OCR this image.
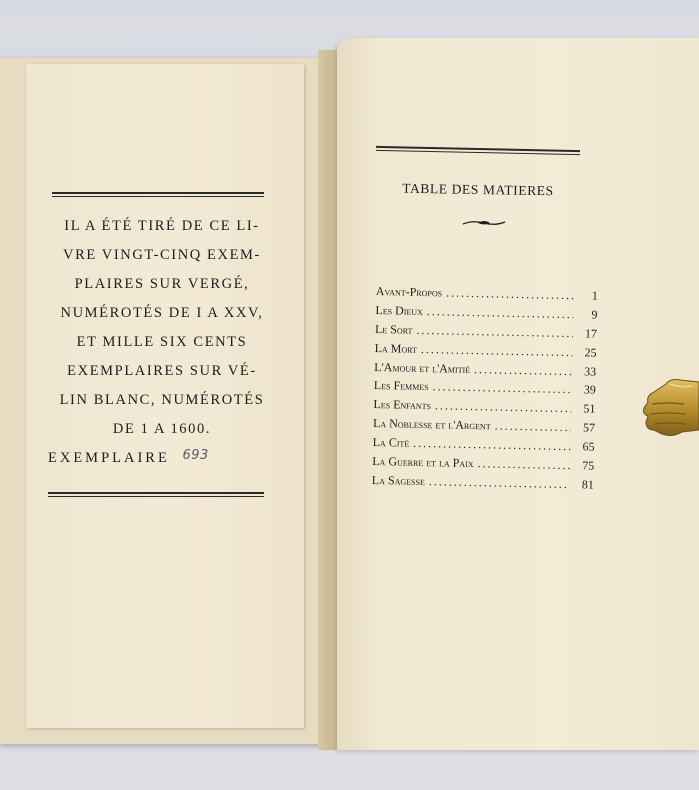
IL A ÉTÉ TIRÉ DE CE LI-
VRE VINGT-CINQ EXEM-
PLAIRES SUR VERGÉ,
NUMÉROTÉS DE I A XXV,
ET MILLE SIX CENTS
EXEMPLAIRES SUR VÉ-
LIN BLANC, NUMÉROTÉS
DE 1 A 1600.
EXEMPLAIRE 693
TABLE DES MATIERES
Avant-Propos .....	1
Les Dieux .....	9
Le Sort .....	17
La Mort .....	25
L'Amour et l'Amitié .....	33
Les Femmes .....	39
Les Enfants .....	51
La Noblesse et l'Argent .....	57
La Cité .....	65
La Guerre et la Paix .....	75
La Sagesse .....	81
